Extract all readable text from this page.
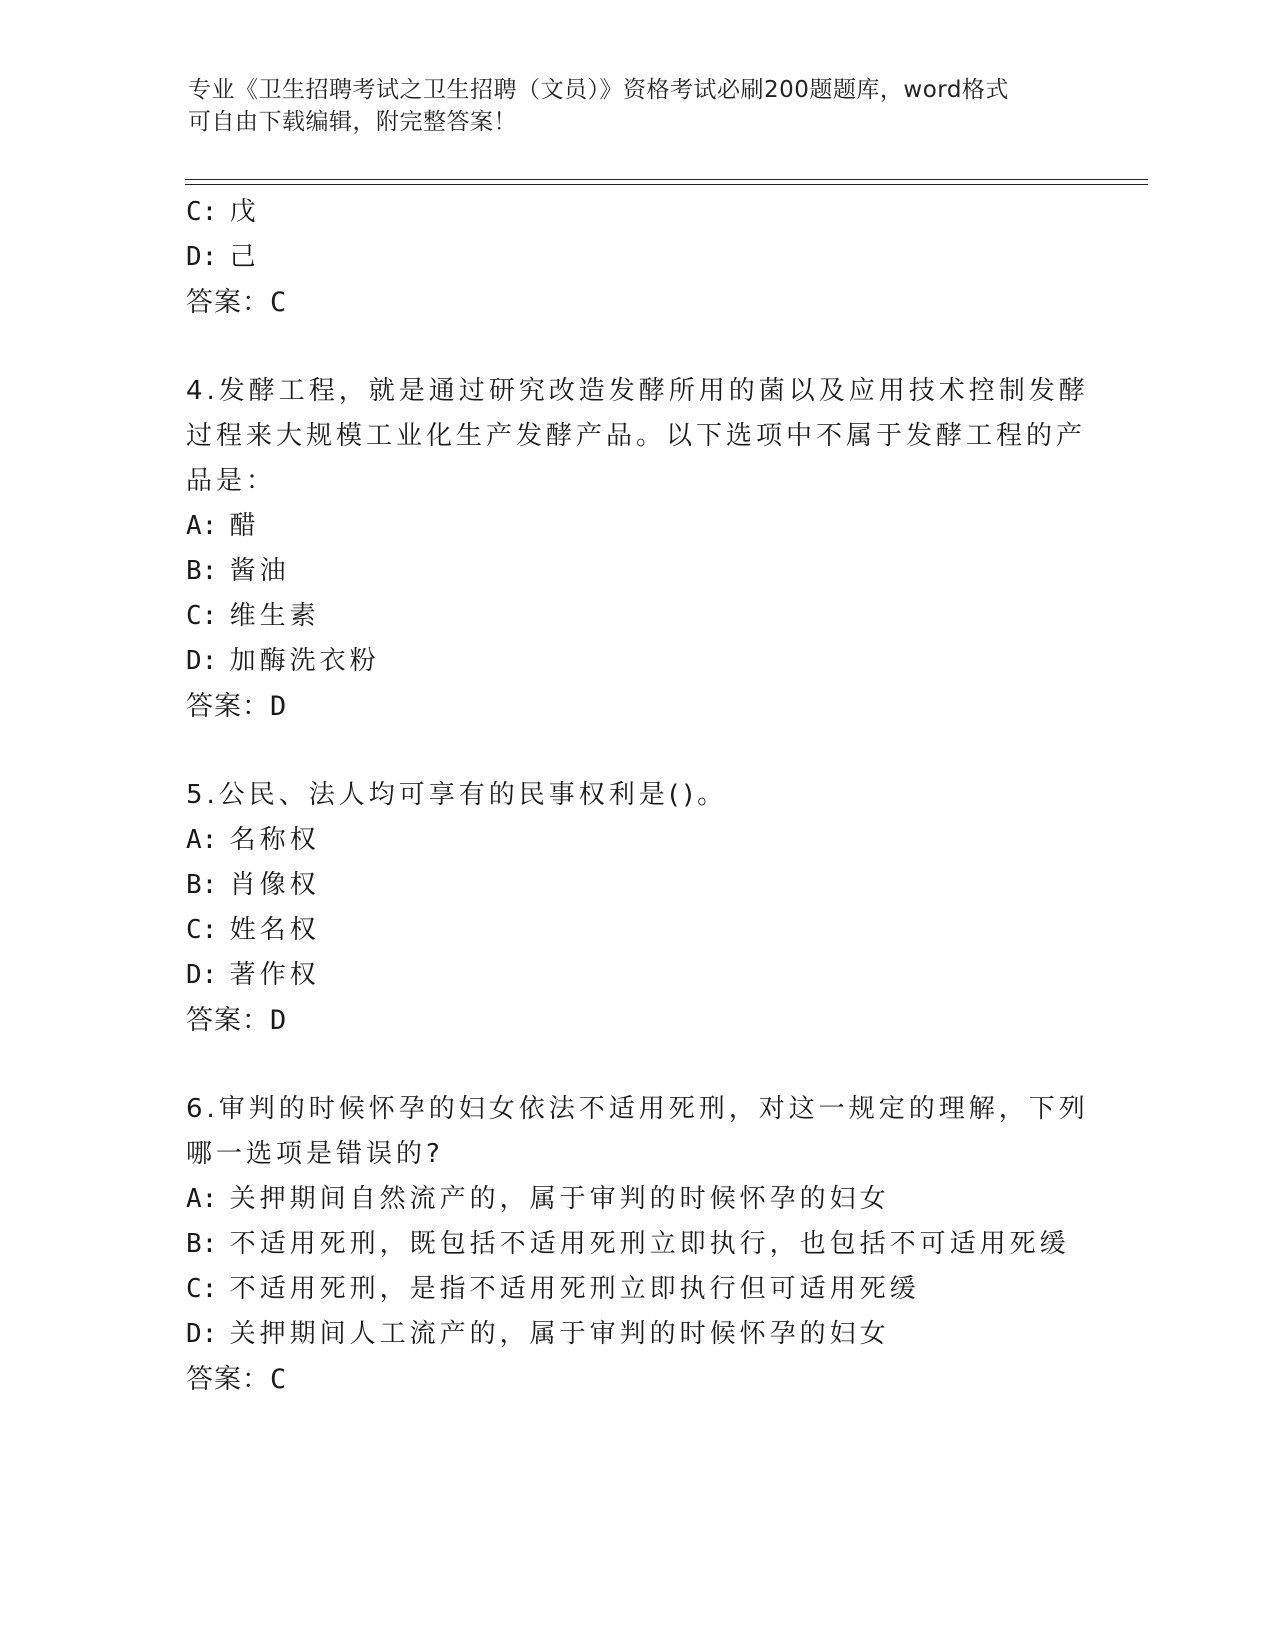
专业《卫生招聘考试之卫生招聘（文员）》资格考试必刷200题题库，word格式
可自由下载编辑，附完整答案！
C: 戊
D: 己
答案：C
4.发酵工程，就是通过研究改造发酵所用的菌以及应用技术控制发酵
过程来大规模工业化生产发酵产品。以下选项中不属于发酵工程的产
品是：
A: 醋
B: 酱油
C: 维生素
D: 加酶洗衣粉
答案：D
5.公民、法人均可享有的民事权利是()。
A: 名称权
B: 肖像权
C: 姓名权
D: 著作权
答案：D
6.审判的时候怀孕的妇女依法不适用死刑，对这一规定的理解，下列
哪一选项是错误的?
A: 关押期间自然流产的，属于审判的时候怀孕的妇女
B: 不适用死刑，既包括不适用死刑立即执行，也包括不可适用死缓
C: 不适用死刑，是指不适用死刑立即执行但可适用死缓
D: 关押期间人工流产的，属于审判的时候怀孕的妇女
答案：C
